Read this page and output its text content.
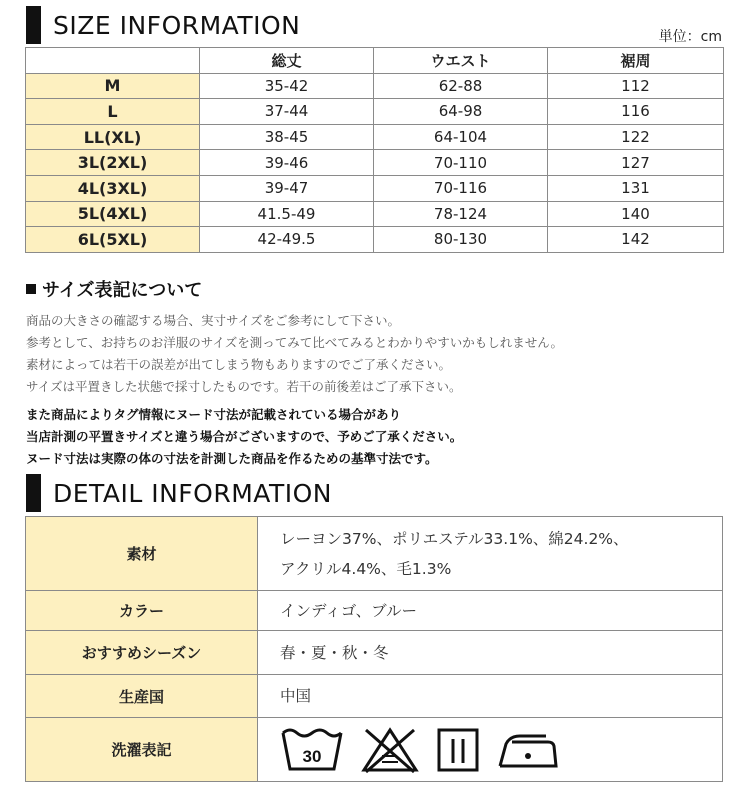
SIZE INFORMATION	単位：cm
	総丈	ウエスト	裾周
M	35-42	62-88	112
L	37-44	64-98	116
LL(XL)	38-45	64-104	122
3L(2XL)	39-46	70-110	127
4L(3XL)	39-47	70-116	131
5L(4XL)	41.5-49	78-124	140
6L(5XL)	42-49.5	80-130	142
サイズ表記について

商品の大きさの確認する場合、実寸サイズをご参考にして下さい。

参考として、お持ちのお洋服のサイズを測ってみて比べてみるとわかりやすいかもしれません。

素材によっては若干の誤差が出てしまう物もありますのでご了承ください。

サイズは平置きした状態で採寸したものです。若干の前後差はご了承下さい。

また商品によりタグ情報にヌード寸法が記載されている場合があり

当店計測の平置きサイズと違う場合がございますので、予めご了承ください。

ヌード寸法は実際の体の寸法を計測した商品を作るための基準寸法です。

DETAIL INFORMATION
素材	レーヨン37%、ポリエステル33.1%、綿24.2%、
アクリル4.4%、毛1.3%

カラー	インディゴ、ブルー
おすすめシーズン	春・夏・秋・冬
生産国	中国
洗濯表記	30
